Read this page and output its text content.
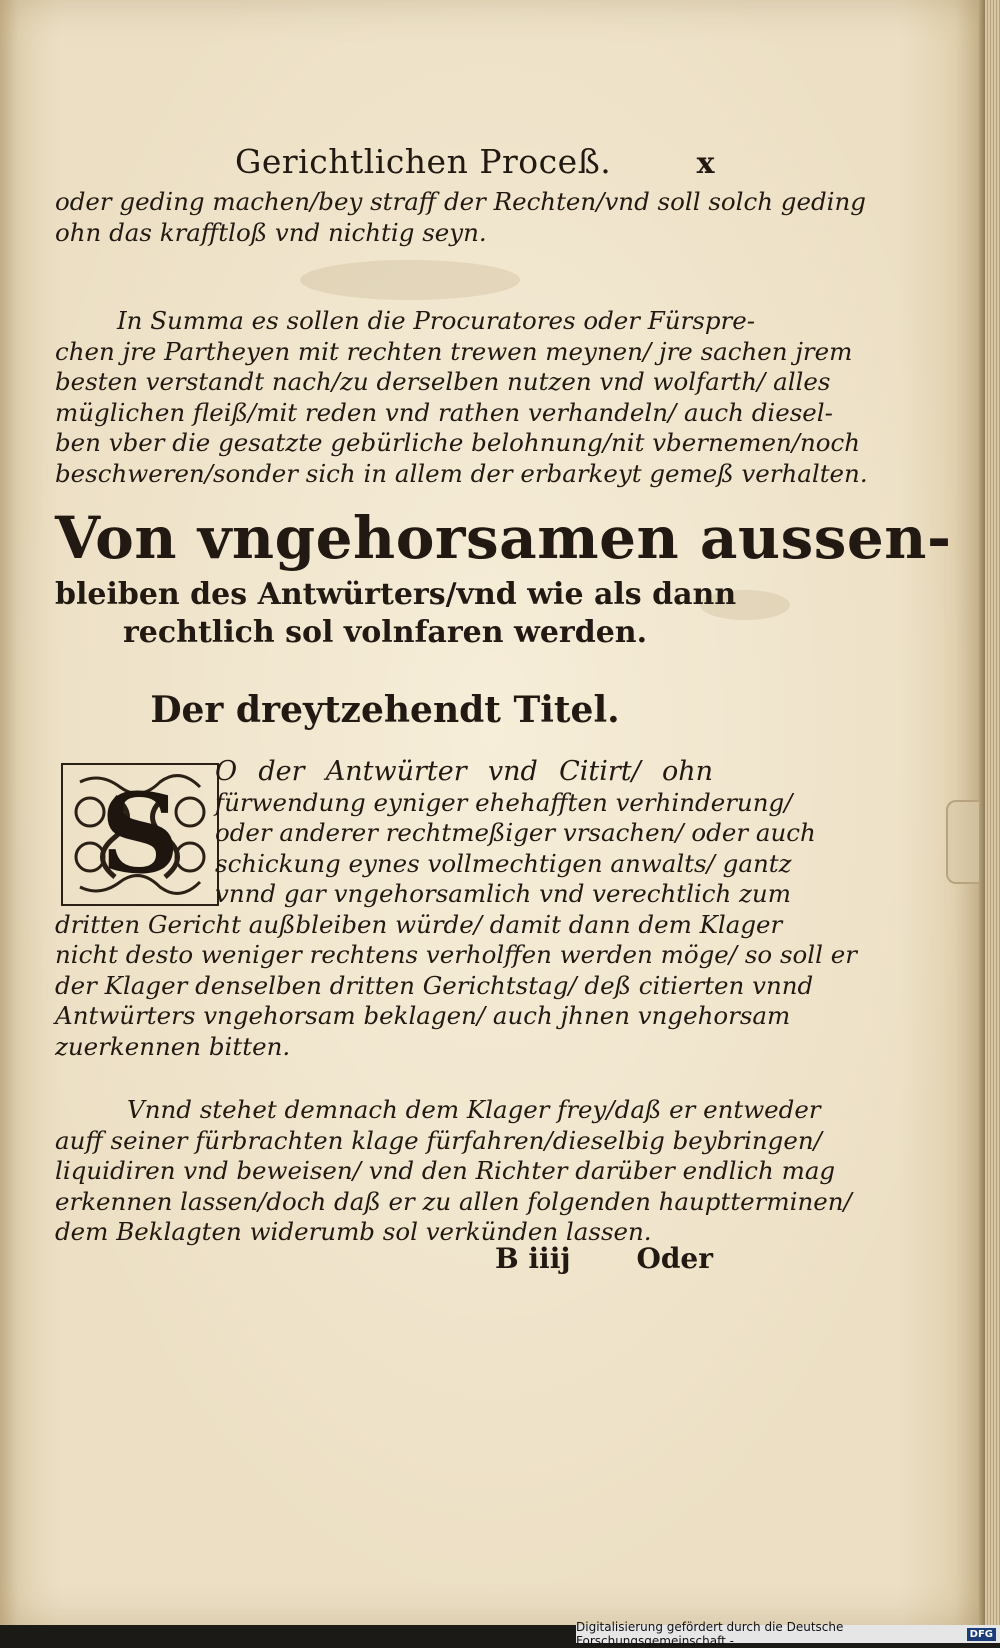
Gerichtlichen Proceß.	x
oder geding machen/bey straff der Rechten/vnd soll solch geding
ohn das krafftloß vnd nichtig seyn.
In Summa es sollen die Procuratores oder Fürspre-
chen jre Partheyen mit rechten trewen meynen/ jre sachen jrem
besten verstandt nach/zu derselben nutzen vnd wolfarth/ alles
müglichen fleiß/mit reden vnd rathen verhandeln/ auch diesel-
ben vber die gesatzte gebürliche belohnung/nit vbernemen/noch
beschweren/sonder sich in allem der erbarkeyt gemeß verhalten.
Von vngehorsamen aussen-
bleiben des Antwürters/vnd wie als dann
rechtlich sol volnfaren werden.
Der dreytzehendt Titel.
S	O der Antwürter vnd Citirt/ ohn
fürwendung eyniger ehehafften verhinderung/
oder anderer rechtmeßiger vrsachen/ oder auch
schickung eynes vollmechtigen anwalts/ gantz
vnnd gar vngehorsamlich vnd verechtlich zum
dritten Gericht außbleiben würde/ damit dann dem Klager
nicht desto weniger rechtens verholffen werden möge/ so soll er
der Klager denselben dritten Gerichtstag/ deß citierten vnnd
Antwürters vngehorsam beklagen/ auch jhnen vngehorsam
zuerkennen bitten.
Vnnd stehet demnach dem Klager frey/daß er entweder
auff seiner fürbrachten klage fürfahren/dieselbig beybringen/
liquidiren vnd beweisen/ vnd den Richter darüber endlich mag
erkennen lassen/doch daß er zu allen folgenden hauptterminen/
dem Beklagten widerumb sol verkünden lassen.
B iiij Oder
Digitalisierung gefördert durch die Deutsche Forschungsgemeinschaft -	DFG
